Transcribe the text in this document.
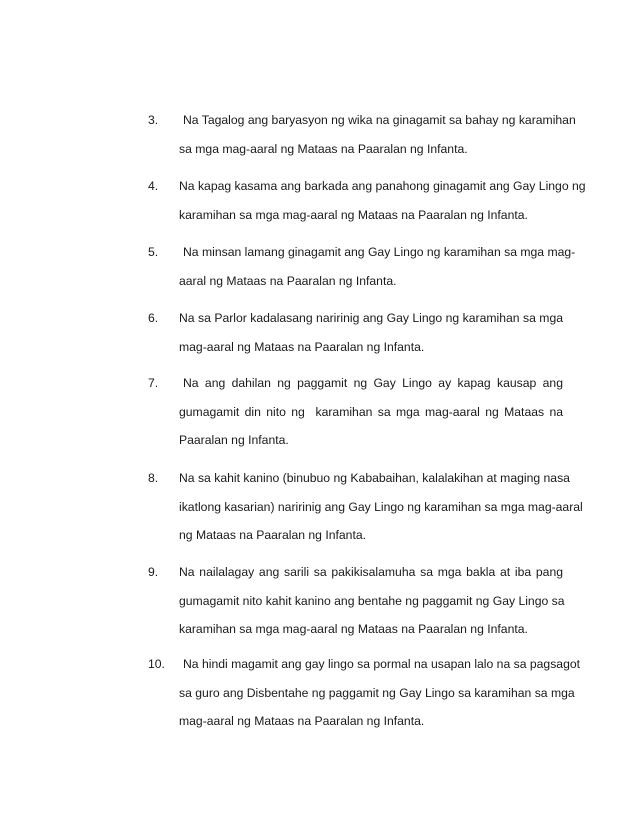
3.	Na Tagalog ang baryasyon ng wika na ginagamit sa bahay ng karamihan
sa mga mag-aaral ng Mataas na Paaralan ng Infanta.
4.	Na kapag kasama ang barkada ang panahong ginagamit ang Gay Lingo ng
karamihan sa mga mag-aaral ng Mataas na Paaralan ng Infanta.
5.	Na minsan lamang ginagamit ang Gay Lingo ng karamihan sa mga mag-
aaral ng Mataas na Paaralan ng Infanta.
6.	Na sa Parlor kadalasang naririnig ang Gay Lingo ng karamihan sa mga
mag-aaral ng Mataas na Paaralan ng Infanta.
7.	Na ang dahilan ng paggamit ng Gay Lingo ay kapag kausap ang
gumagamit din nito ng  karamihan sa mga mag-aaral ng Mataas na
Paaralan ng Infanta.
8.	Na sa kahit kanino (binubuo ng Kababaihan, kalalakihan at maging nasa
ikatlong kasarian) naririnig ang Gay Lingo ng karamihan sa mga mag-aaral
ng Mataas na Paaralan ng Infanta.
9.	Na nailalagay ang sarili sa pakikisalamuha sa mga bakla at iba pang
gumagamit nito kahit kanino ang bentahe ng paggamit ng Gay Lingo sa
karamihan sa mga mag-aaral ng Mataas na Paaralan ng Infanta.
10.	Na hindi magamit ang gay lingo sa pormal na usapan lalo na sa pagsagot
sa guro ang Disbentahe ng paggamit ng Gay Lingo sa karamihan sa mga
mag-aaral ng Mataas na Paaralan ng Infanta.
